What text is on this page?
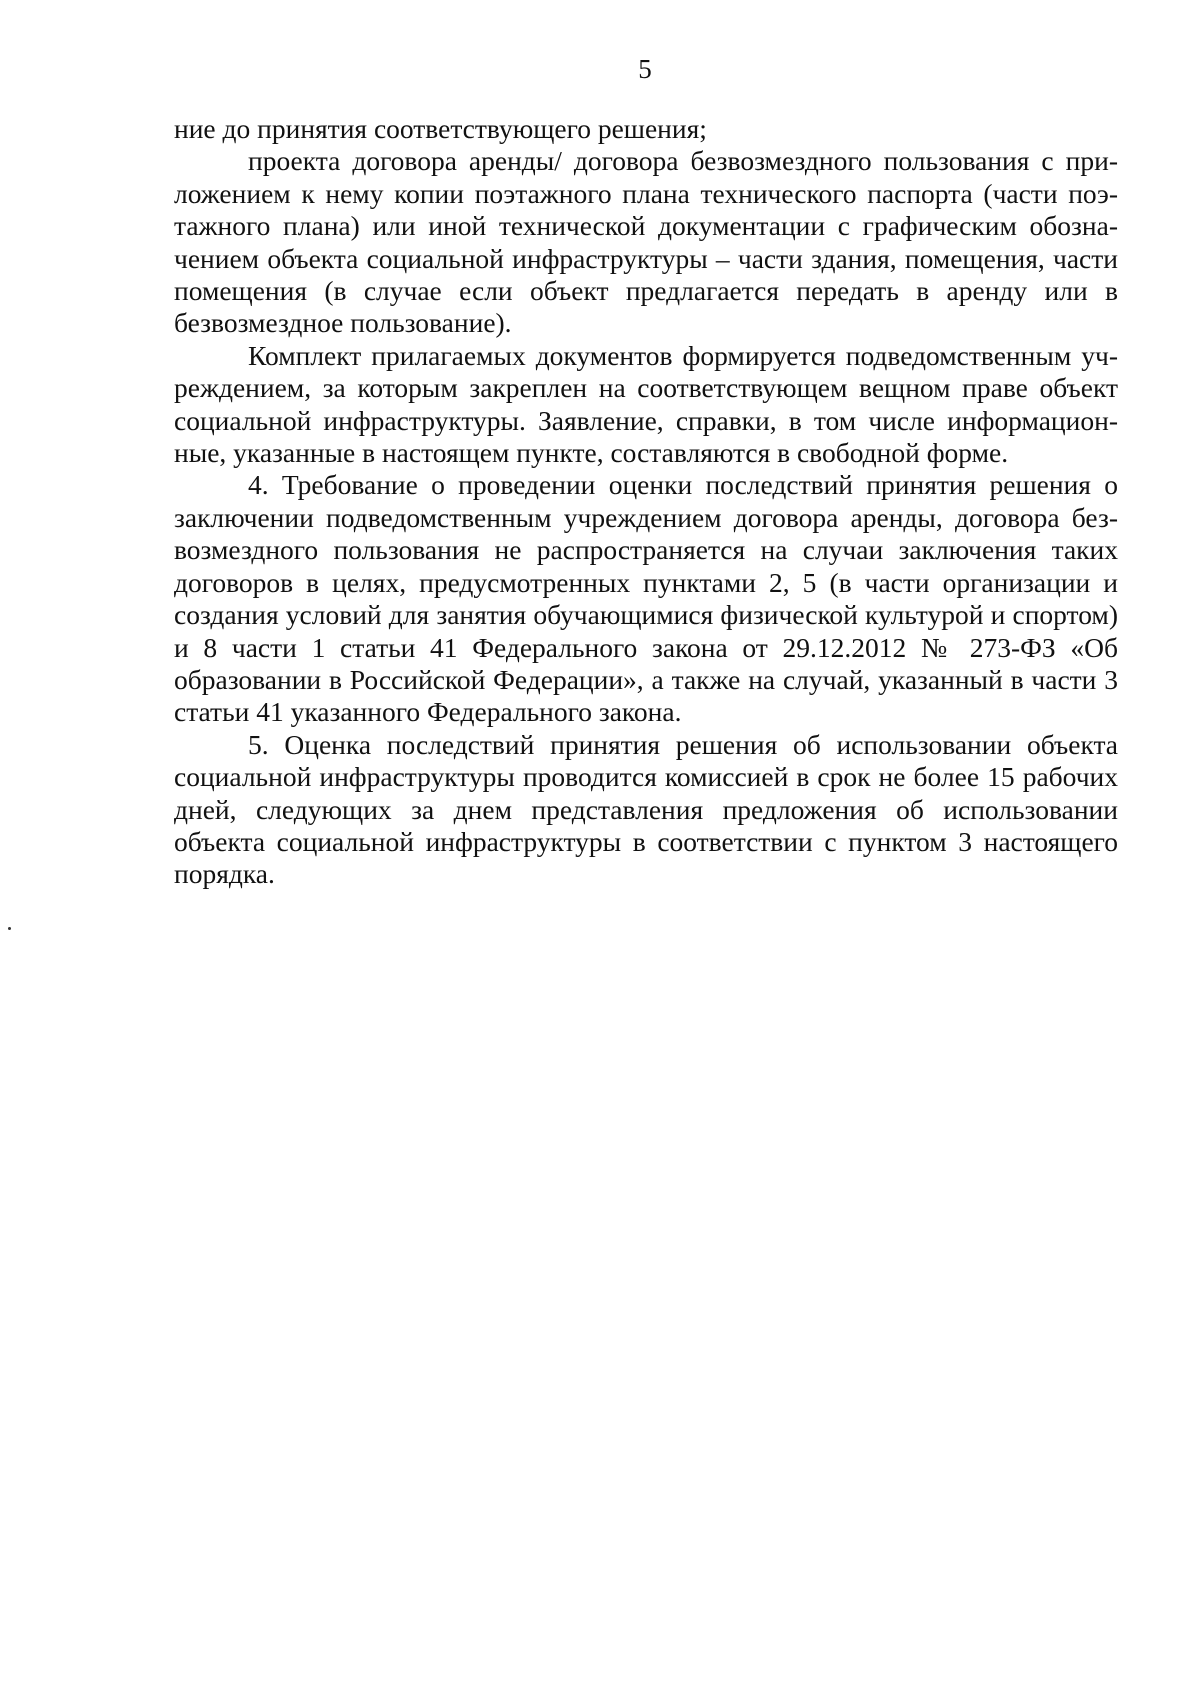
5

ние до принятия соответствующего решения;

проекта договора аренды/ договора безвозмездного пользования с приложением к нему копии поэтажного плана технического паспорта (части поэтажного плана) или иной технической документации с графическим обозначением объекта социальной инфраструктуры – части здания, помещения, части помещения (в случае если объект предлагается передать в аренду или в безвозмездное пользование).

Комплект прилагаемых документов формируется подведомственным учреждением, за которым закреплен на соответствующем вещном праве объект социальной инфраструктуры. Заявление, справки, в том числе информационные, указанные в настоящем пункте, составляются в свободной форме.

4. Требование о проведении оценки последствий принятия решения о заключении подведомственным учреждением договора аренды, договора безвозмездного пользования не распространяется на случаи заключения таких договоров в целях, предусмотренных пунктами 2, 5 (в части организации и создания условий для занятия обучающимися физической культурой и спортом) и 8 части 1 статьи 41 Федерального закона от 29.12.2012 № 273-ФЗ «Об образовании в Российской Федерации», а также на случай, указанный в части 3 статьи 41 указанного Федерального закона.

5. Оценка последствий принятия решения об использовании объекта социальной инфраструктуры проводится комиссией в срок не более 15 рабочих дней, следующих за днем представления предложения об использовании объекта социальной инфраструктуры в соответствии с пунктом 3 настоящего порядка.
